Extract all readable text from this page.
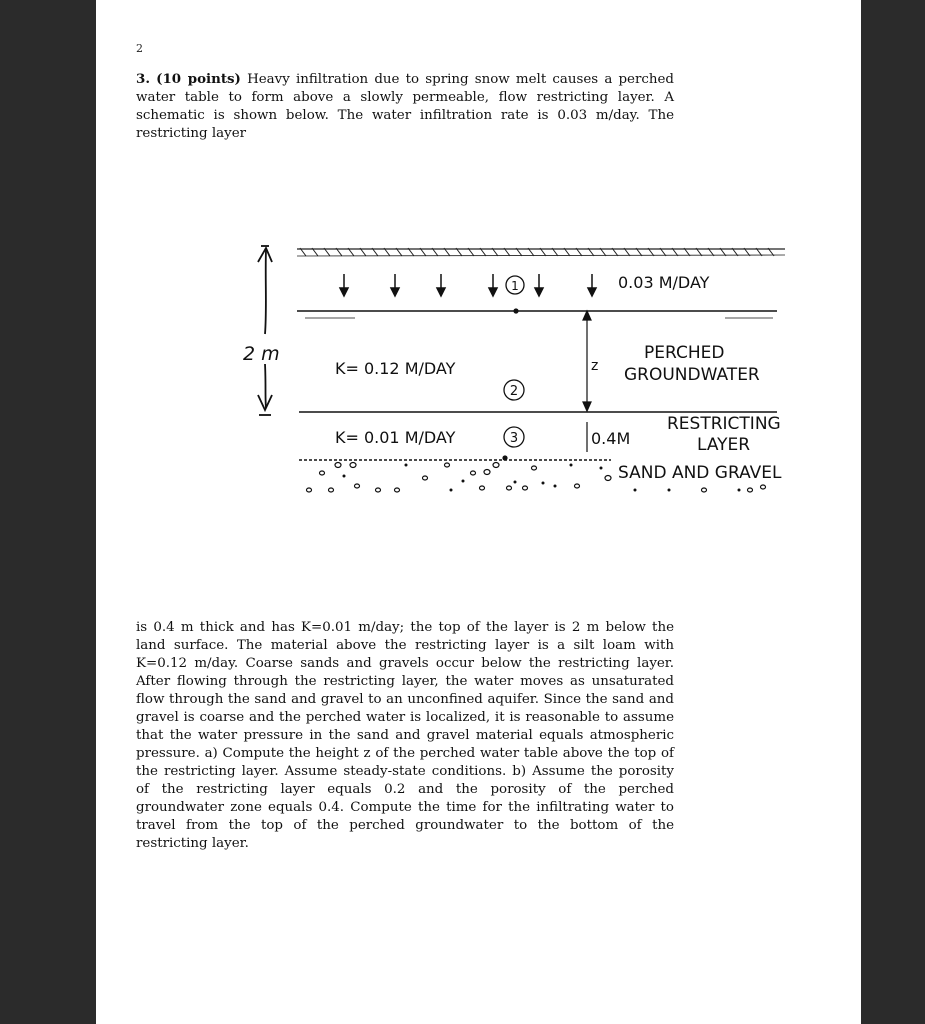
2
3. (10 points) Heavy infiltration due to spring snow melt causes a perched water table to form above a slowly permeable, flow restricting layer. A schematic is shown below. The water infiltration rate is 0.03 m/day. The restricting layer
1	0.03 M/DAY
z
K= 0.12 M/DAY
PERCHED
GROUNDWATER
2
K= 0.01 M/DAY	3	0.4M
RESTRICTING
LAYER
SAND AND GRAVEL
2 m
is 0.4 m thick and has K=0.01 m/day; the top of the layer is 2 m below the land surface. The material above the restricting layer is a silt loam with K=0.12 m/day. Coarse sands and gravels occur below the restricting layer. After flowing through the restricting layer, the water moves as unsaturated flow through the sand and gravel to an unconfined aquifer. Since the sand and gravel is coarse and the perched water is localized, it is reasonable to assume that the water pressure in the sand and gravel material equals atmospheric pressure. a) Compute the height z of the perched water table above the top of the restricting layer. Assume steady-state conditions. b) Assume the porosity of the restricting layer equals 0.2 and the porosity of the perched groundwater zone equals 0.4. Compute the time for the infiltrating water to travel from the top of the perched groundwater to the bottom of the restricting layer.
